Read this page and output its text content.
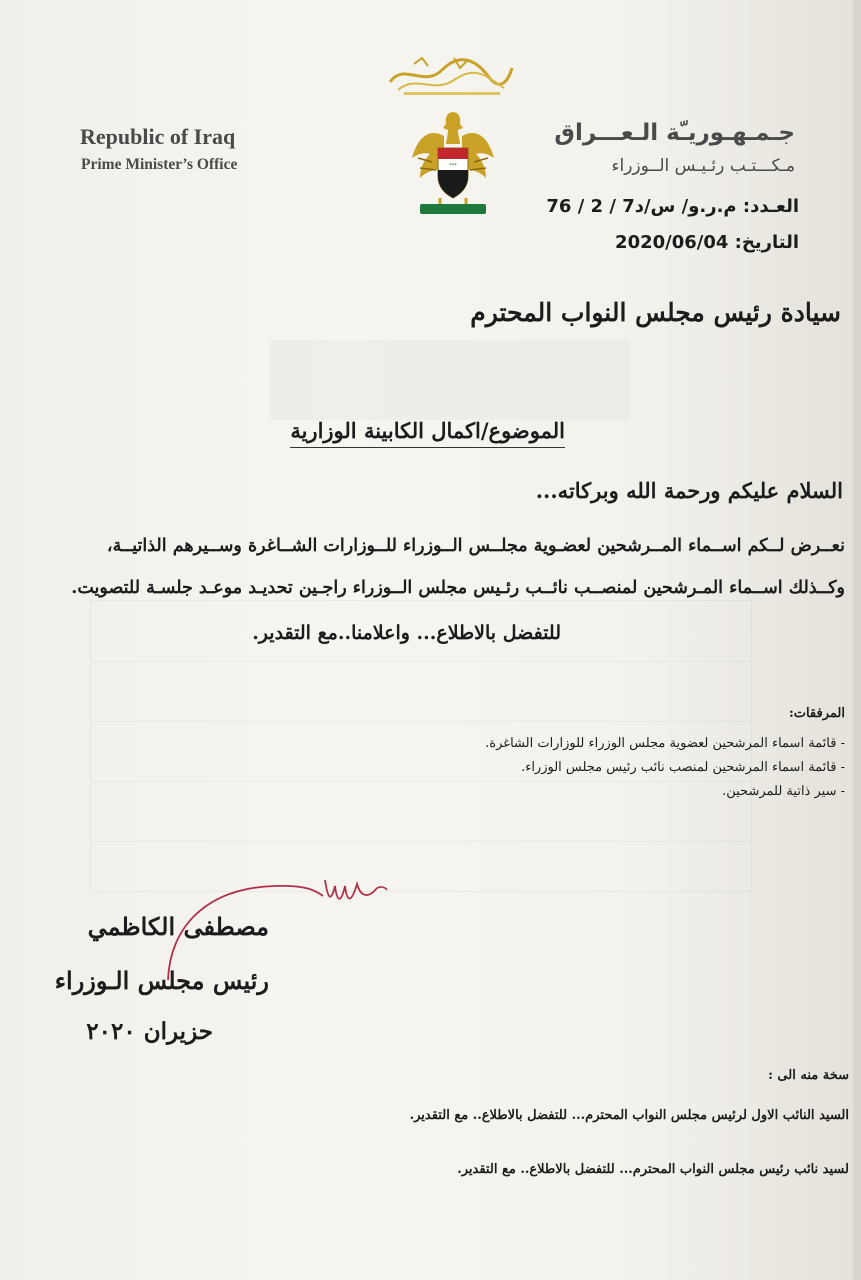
***
Republic of Iraq
Prime Minister’s Office
جـمـهـوريـّة الـعـــراق
مـكـــتـب رئـيـس الــوزراء
العـدد: م.ر.و/ س/د7 / 2 / 76
التاريخ: 2020/06/04
سيادة رئيس مجلس النواب المحترم
الموضوع/اكمال الكابينة الوزارية
السلام عليكم ورحمة الله وبركاته...
نعــرض لــكم اســماء المــرشحين لعضـوية مجلــس الــوزراء للــوزارات الشــاغرة وســيرهم الذاتيــة،
وكــذلك اســماء المـرشحين لمنصــب نائــب رئـيس مجلس الــوزراء راجـين تحديـد موعـد جلسـة للتصويت.
للتفضل بالاطلاع... واعلامنا..مع التقدير.
المرفقات:
- قائمة اسماء المرشحين لعضوية مجلس الوزراء للوزارات الشاغرة.
- قائمة اسماء المرشحين لمنصب نائب رئيس مجلس الوزراء.
- سير ذاتية للمرشحين.
مصطفى الكاظمي
رئيس مجلس الـوزراء
حزيران ٢٠٢٠
سخة منه الى :
السيد النائب الاول لرئيس مجلس النواب المحترم... للتفضل بالاطلاع.. مع التقدير.
لسيد نائب رئيس مجلس النواب المحترم... للتفضل بالاطلاع.. مع التقدير.
